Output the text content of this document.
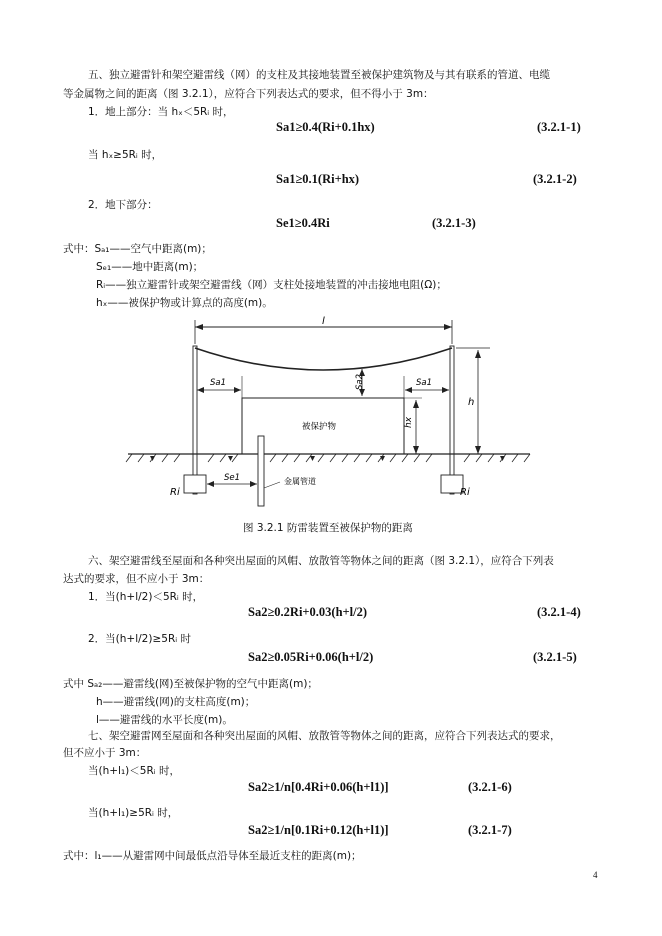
五、独立避雷针和架空避雷线（网）的支柱及其接地装置至被保护建筑物及与其有联系的管道、电缆
等金属物之间的距离（图 3.2.1），应符合下列表达式的要求，但不得小于 3m：
1．地上部分：当 hₓ＜5Rᵢ 时，
Sa1≥0.4(Ri+0.1hx)	(3.2.1-1)
当 hₓ≥5Rᵢ 时，
Sa1≥0.1(Ri+hx)	(3.2.1-2)
2．地下部分：
Se1≥0.4Ri	(3.2.1-3)
式中：Sₐ₁——空气中距离(m)；
Sₑ₁——地中距离(m)；
Rᵢ——独立避雷针或架空避雷线（网）支柱处接地装置的冲击接地电阻(Ω)；
hₓ——被保护物或计算点的高度(m)。
l
h
被保护物	hx
Sa2
Sa1	Sa1
Ri	Ri
Se1	金属管道
图 3.2.1 防雷装置至被保护物的距离
六、架空避雷线至屋面和各种突出屋面的风帽、放散管等物体之间的距离（图 3.2.1），应符合下列表
达式的要求，但不应小于 3m：
1．当(h+l/2)＜5Rᵢ 时，
Sa2≥0.2Ri+0.03(h+l/2)	(3.2.1-4)
2．当(h+l/2)≥5Rᵢ 时
Sa2≥0.05Ri+0.06(h+l/2)	(3.2.1-5)
式中 Sₐ₂——避雷线(网)至被保护物的空气中距离(m)；
h——避雷线(网)的支柱高度(m)；
l——避雷线的水平长度(m)。
七、架空避雷网至屋面和各种突出屋面的风帽、放散管等物体之间的距离，应符合下列表达式的要求，
但不应小于 3m：
当(h+l₁)＜5Rᵢ 时，
Sa2≥1/n[0.4Ri+0.06(h+l1)]	(3.2.1-6)
当(h+l₁)≥5Rᵢ 时，
Sa2≥1/n[0.1Ri+0.12(h+l1)]	(3.2.1-7)
式中：l₁——从避雷网中间最低点沿导体至最近支柱的距离(m)；
4
